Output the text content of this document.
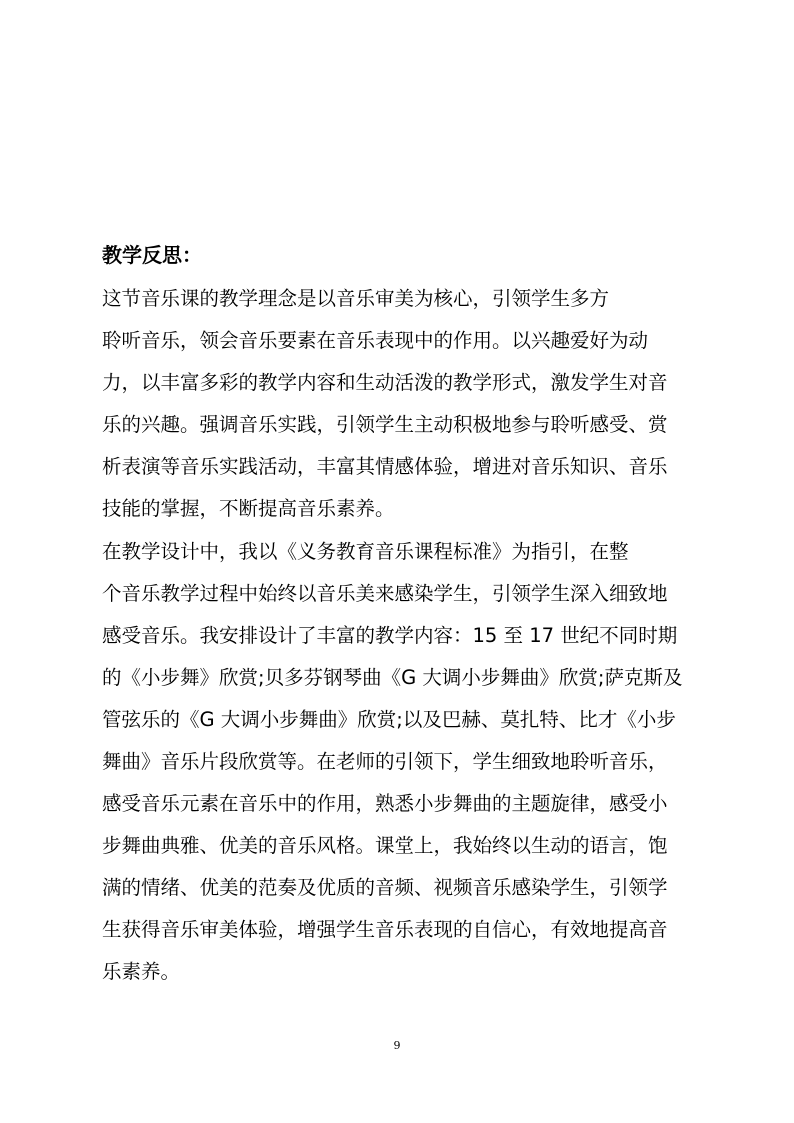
教学反思：
这节音乐课的教学理念是以音乐审美为核心，引领学生多方
聆听音乐，领会音乐要素在音乐表现中的作用。以兴趣爱好为动
力，以丰富多彩的教学内容和生动活泼的教学形式，激发学生对音
乐的兴趣。强调音乐实践，引领学生主动积极地参与聆听感受、赏
析表演等音乐实践活动，丰富其情感体验，增进对音乐知识、音乐
技能的掌握，不断提高音乐素养。
在教学设计中，我以《义务教育音乐课程标准》为指引，在整
个音乐教学过程中始终以音乐美来感染学生，引领学生深入细致地
感受音乐。我安排设计了丰富的教学内容：15 至 17 世纪不同时期
的《小步舞》欣赏;贝多芬钢琴曲《G 大调小步舞曲》欣赏;萨克斯及
管弦乐的《G 大调小步舞曲》欣赏;以及巴赫、莫扎特、比才《小步
舞曲》音乐片段欣赏等。在老师的引领下，学生细致地聆听音乐，
感受音乐元素在音乐中的作用，熟悉小步舞曲的主题旋律，感受小
步舞曲典雅、优美的音乐风格。课堂上，我始终以生动的语言，饱
满的情绪、优美的范奏及优质的音频、视频音乐感染学生，引领学
生获得音乐审美体验，增强学生音乐表现的自信心，有效地提高音
乐素养。
9
